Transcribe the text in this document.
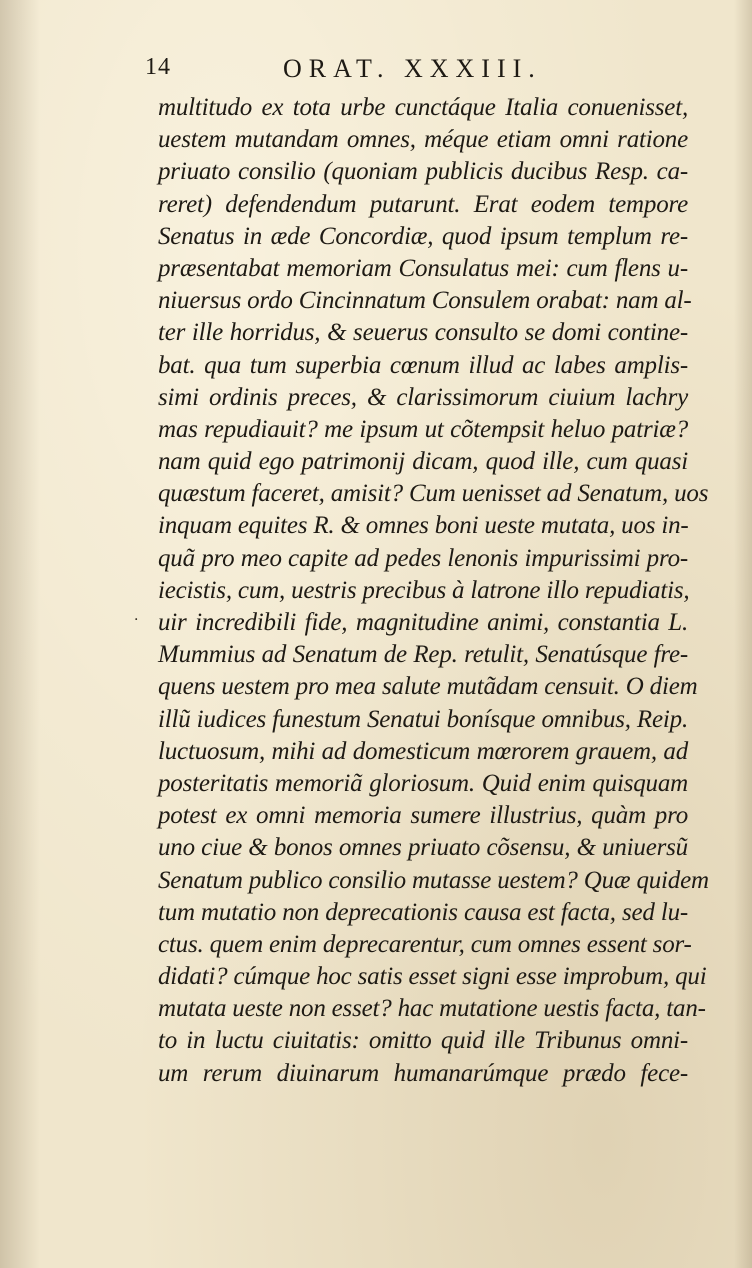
14	ORAT. XXXIII.
·
multitudo ex tota urbe cunctáque Italia conuenisset,
uestem mutandam omnes, méque etiam omni ratione
priuato consilio (quoniam publicis ducibus Resp. ca-
reret) defendendum putarunt. Erat eodem tempore
Senatus in æde Concordiæ, quod ipsum templum re-
præsentabat memoriam Consulatus mei: cum flens u-
niuersus ordo Cincinnatum Consulem orabat: nam al-
ter ille horridus, & seuerus consulto se domi contine-
bat. qua tum superbia cœnum illud ac labes amplis-
simi ordinis preces, & clarissimorum ciuium lachry
mas repudiauit? me ipsum ut cõtempsit heluo patriæ?
nam quid ego patrimonij dicam, quod ille, cum quasi
quæstum faceret, amisit? Cum uenisset ad Senatum, uos
inquam equites R. & omnes boni ueste mutata, uos in-
quã pro meo capite ad pedes lenonis impurissimi pro-
iecistis, cum, uestris precibus à latrone illo repudiatis,
uir incredibili fide, magnitudine animi, constantia L.
Mummius ad Senatum de Rep. retulit, Senatúsque fre-
quens uestem pro mea salute mutãdam censuit. O diem
illũ iudices funestum Senatui bonísque omnibus, Reip.
luctuosum, mihi ad domesticum mœrorem grauem, ad
posteritatis memoriã gloriosum. Quid enim quisquam
potest ex omni memoria sumere illustrius, quàm pro
uno ciue & bonos omnes priuato cõsensu, & uniuersũ
Senatum publico consilio mutasse uestem? Quæ quidem
tum mutatio non deprecationis causa est facta, sed lu-
ctus. quem enim deprecarentur, cum omnes essent sor-
didati? cúmque hoc satis esset signi esse improbum, qui
mutata ueste non esset? hac mutatione uestis facta, tan-
to in luctu ciuitatis: omitto quid ille Tribunus omni-
um rerum diuinarum humanarúmque prædo fece-
